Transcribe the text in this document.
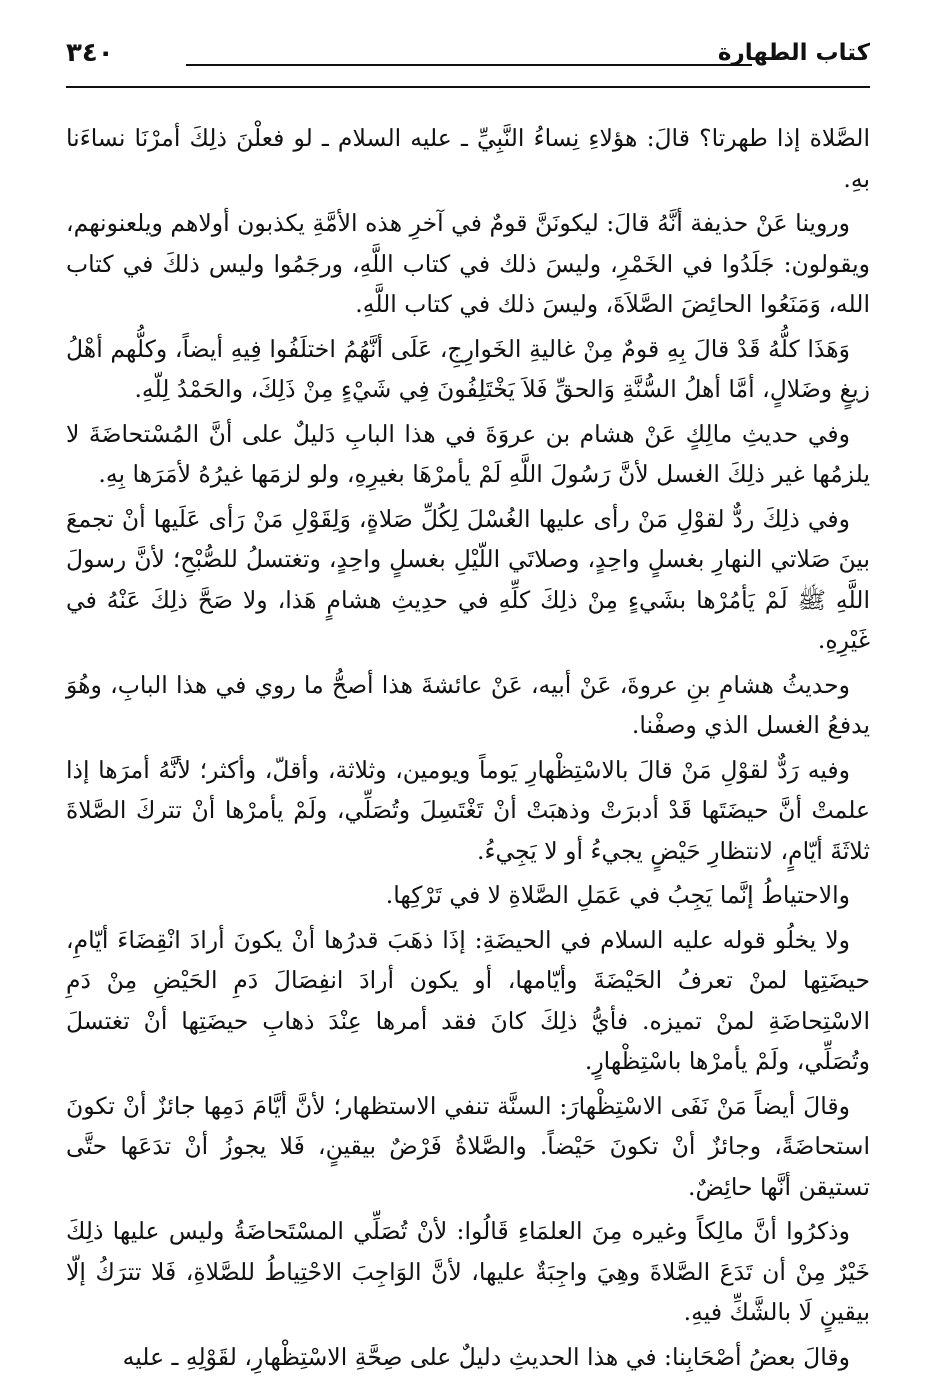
كتاب الطهارة
٣٤٠

الصَّلاة إذا طهرتا؟ قالَ: هؤلاءِ نِساءُ النَّبِيِّ ـ عليه السلام ـ لو فعلْنَ ذلِكَ أمرْنَا نساءَنا بهِ.

وروينا عَنْ حذيفة أنَّهُ قالَ: ليكونَنَّ قومٌ في آخرِ هذه الأمَّةِ يكذبون أولاهم ويلعنونهم، ويقولون: جَلَدُوا في الخَمْرِ، وليسَ ذلك في كتاب اللَّهِ، ورجَمُوا وليس ذلكَ في كتاب الله، وَمَنَعُوا الحائِضَ الصَّلاَةَ، وليسَ ذلك في كتاب اللَّهِ.

وَهَذَا كلُّهُ قَدْ قالَ بِهِ قومٌ مِنْ غاليةِ الخَوارِجِ، عَلَى أنَّهُمُ اختلَفُوا فِيهِ أيضاً، وكلُّهم أهْلُ زيغٍ وضَلالٍ، أمَّا أهلُ السُّنَّةِ وَالحقِّ فَلاَ يَخْتَلِفُونَ فِي شَيْءٍ مِنْ ذَلِكَ، والحَمْدُ لِلّهِ.

وفي حديثِ مالِكٍ عَنْ هشام بن عروَةَ في هذا البابِ دَليلٌ على أنَّ المُسْتحاضَةَ لا يلزمُها غير ذلِكَ الغسل لأنَّ رَسُولَ اللَّهِ لَمْ يأمرْهَا بغيرِهِ، ولو لزمَها غيرُهُ لأمَرَها بِهِ.

وفي ذلِكَ ردٌّ لقوْلِ مَنْ رأى عليها الغُسْلَ لِكُلِّ صَلاةٍ، وَلِقَوْلِ مَنْ رَأى عَلَيها أنْ تجمعَ بينَ صَلاتي النهارِ بغسلٍ واحِدٍ، وصلاتَي اللّيْلِ بغسلٍ واحِدٍ، وتغتسلُ للصُّبْحِ؛ لأنَّ رسولَ اللَّهِ ﷺ لَمْ يَأمُرْها بشَيءٍ مِنْ ذلِكَ كلِّهِ في حدِيثِ هشامٍ هَذا، ولا صَحَّ ذلِكَ عَنْهُ في غَيْرِهِ.

وحديثُ هشامِ بنِ عروةَ، عَنْ أبيه، عَنْ عائشةَ هذا أصحُّ ما روي في هذا البابِ، وهُوَ يدفعُ الغسل الذي وصفْنا.

وفيه رَدٌّ لقوْلِ مَنْ قالَ بالاسْتِظْهارِ يَوماً ويومين، وثلاثة، وأقلّ، وأكثر؛ لأنَّهُ أمرَها إذا علمتْ أنَّ حيضَتَها قَدْ أدبرَتْ وذهبَتْ أنْ تَغْتَسِلَ وتُصَلِّي، ولَمْ يأمرْها أنْ تتركَ الصَّلاةَ ثلاثَةَ أيّامٍ، لانتظارِ حَيْضٍ يجيءُ أو لا يَجِيءُ.

والاحتياطُ إنَّما يَجِبُ في عَمَلِ الصَّلاةِ لا في تَرْكِها.

ولا يخلُو قوله عليه السلام في الحيضَةِ: إذَا ذهَبَ قدرُها أنْ يكونَ أرادَ انْقِضَاءَ أيّامِ، حيضَتِها لمنْ تعرفُ الحَيْضَةَ وأيّامها، أو يكون أرادَ انفِصَالَ دَمِ الحَيْضِ مِنْ دَمِ الاسْتِحاضَةِ لمنْ تميزه. فأيُّ ذلِكَ كانَ فقد أمرها عِنْدَ ذهابِ حيضَتِها أنْ تغتسلَ وتُصَلِّي، ولَمْ يأمرْها باسْتِظْهارٍ.

وقالَ أيضاً مَنْ نَفَى الاسْتِظْهارَ: السنَّة تنفي الاستظهار؛ لأنَّ أيَّامَ دَمِها جائزٌ أنْ تكونَ استحاضَةً، وجائزٌ أنْ تكونَ حَيْضاً. والصَّلاةُ فَرْضٌ بيقينٍ، فَلا يجوزُ أنْ تدَعَها حتَّى تستيقن أنَّها حائِضٌ.

وذكرُوا أنَّ مالِكاً وغيره مِنَ العلمَاءِ قَالُوا: لأنْ تُصَلِّي المسْتَحاضَةُ وليس عليها ذلِكَ خَيْرٌ مِنْ أن تَدَعَ الصَّلاةَ وهِيَ واجِبَةٌ عليها، لأنَّ الوَاجِبَ الاحْتِياطُ للصَّلاةِ، فَلا تترَكُ إلّا بيقينٍ لَا بالشَّكِّ فيهِ.

وقالَ بعضُ أصْحَابِنا: في هذا الحديثِ دليلٌ على صِحَّةِ الاسْتِظْهارِ، لقَوْلِهِ ـ عليه
